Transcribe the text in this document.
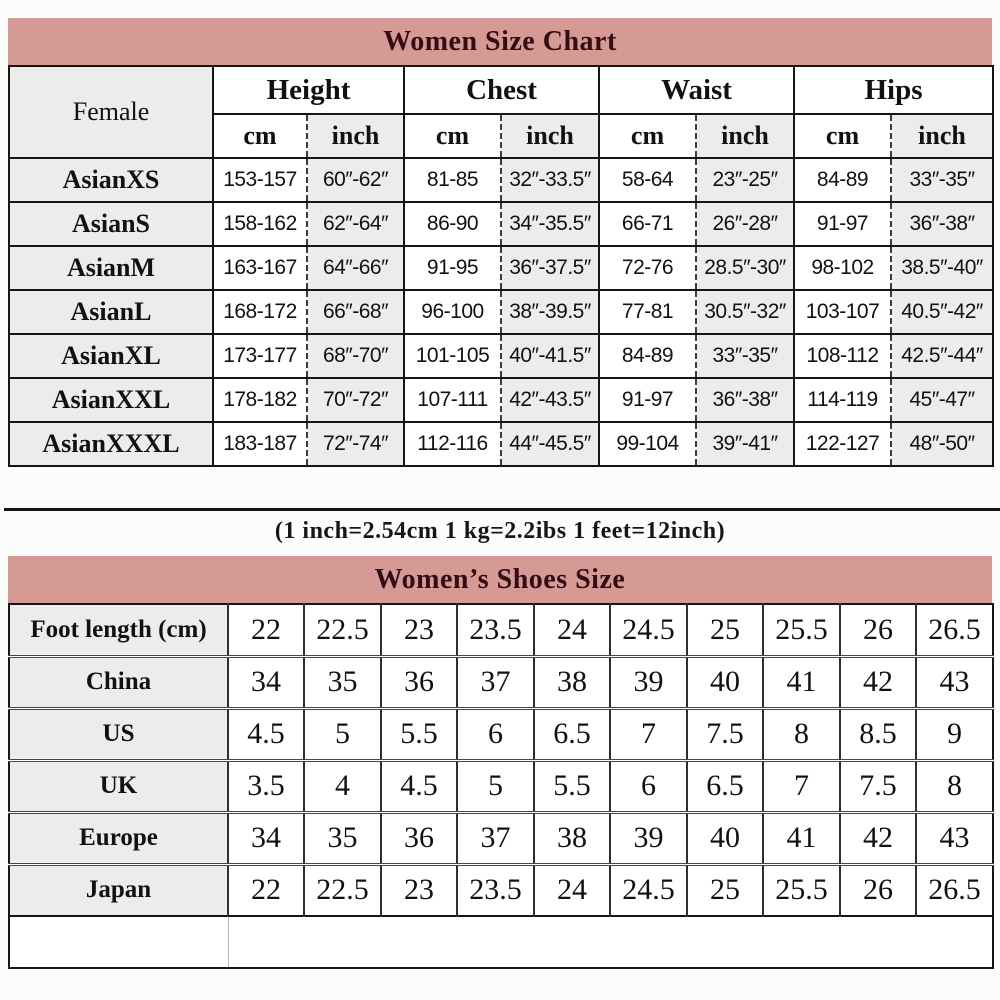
Women Size Chart
Female	Height		Chest		Waist		Hips	
	cm	inch	cm	inch	cm	inch	cm	inch
AsianXS	153-157	60″-62″	81-85	32″-33.5″	58-64	23″-25″	84-89	33″-35″
AsianS	158-162	62″-64″	86-90	34″-35.5″	66-71	26″-28″	91-97	36″-38″
AsianM	163-167	64″-66″	91-95	36″-37.5″	72-76	28.5″-30″	98-102	38.5″-40″
AsianL	168-172	66″-68″	96-100	38″-39.5″	77-81	30.5″-32″	103-107	40.5″-42″
AsianXL	173-177	68″-70″	101-105	40″-41.5″	84-89	33″-35″	108-112	42.5″-44″
AsianXXL	178-182	70″-72″	107-111	42″-43.5″	91-97	36″-38″	114-119	45″-47″
AsianXXXL	183-187	72″-74″	112-116	44″-45.5″	99-104	39″-41″	122-127	48″-50″
(1 inch=2.54cm 1 kg=2.2ibs 1 feet=12inch)
Women’s Shoes Size
Foot length (cm)	22	22.5	23	23.5	24	24.5	25	25.5	26	26.5
China	34	35	36	37	38	39	40	41	42	43
US	4.5	5	5.5	6	6.5	7	7.5	8	8.5	9
UK	3.5	4	4.5	5	5.5	6	6.5	7	7.5	8
Europe	34	35	36	37	38	39	40	41	42	43
Japan	22	22.5	23	23.5	24	24.5	25	25.5	26	26.5
